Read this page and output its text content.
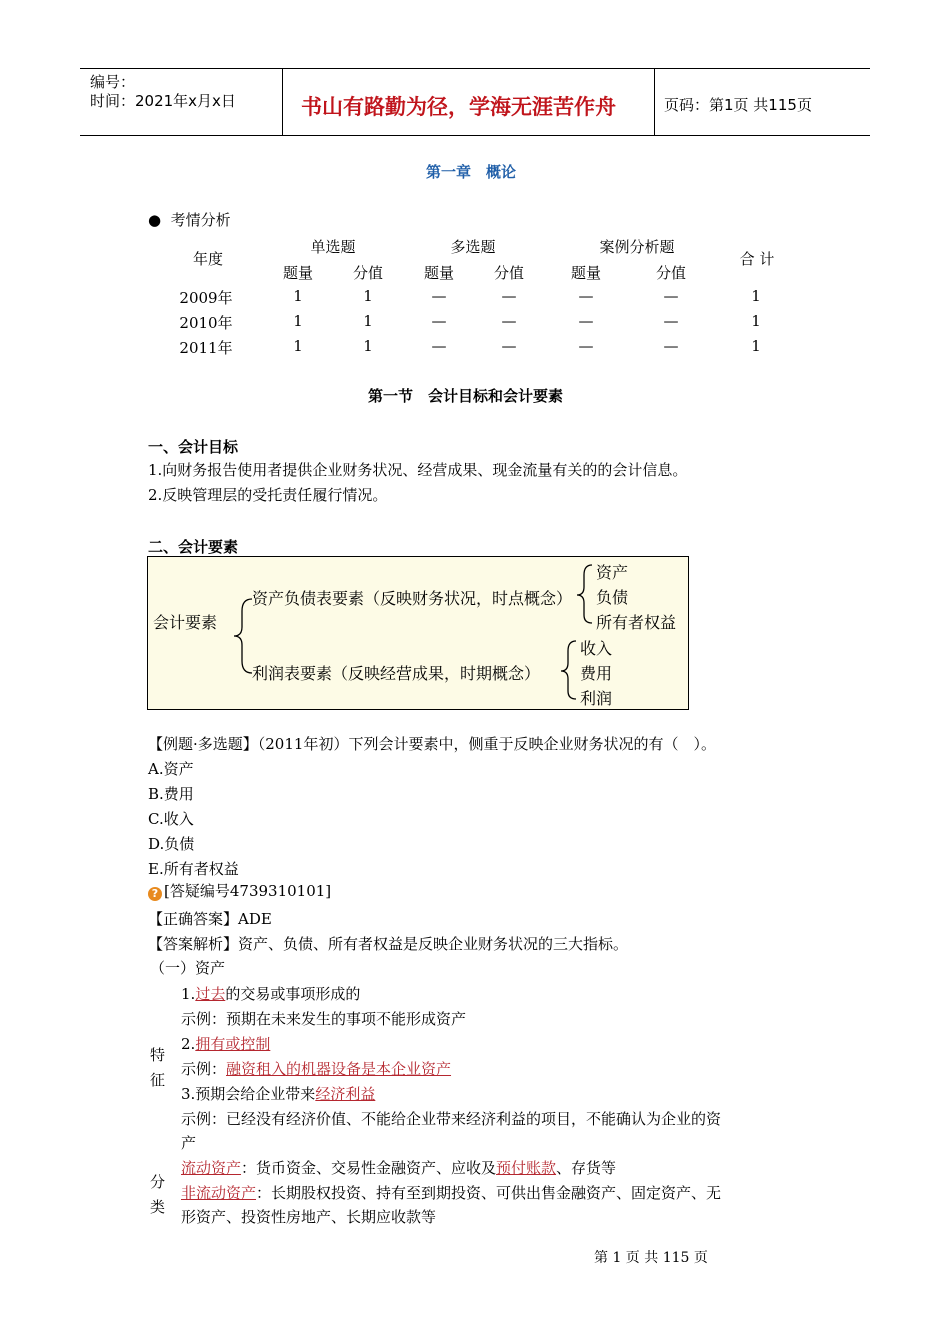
编号：
时间：2021年x月x日	书山有路勤为径，学海无涯苦作舟	页码：第1页 共115页
第一章　概论
● 考情分析
年度
单选题	多选题	案例分析题
合 计
题量	分值	题量	分值	题量	分值
2009年	1	1	—	—	—	—	1
2010年	1	1	—	—	—	—	1
2011年	1	1	—	—	—	—	1
第一节　会计目标和会计要素
一、会计目标
1.向财务报告使用者提供企业财务状况、经营成果、现金流量有关的的会计信息。
2.反映管理层的受托责任履行情况。
二、会计要素
会计要素
资产负债表要素（反映财务状况，时点概念）
资产
负债
所有者权益
利润表要素（反映经营成果，时期概念）
收入
费用
利润
【例题·多选题】（2011年初）下列会计要素中，侧重于反映企业财务状况的有（　）。
A.资产
B.费用
C.收入
D.负债
E.所有者权益
? [答疑编号4739310101]
【正确答案】ADE
【答案解析】资产、负债、所有者权益是反映企业财务状况的三大指标。
（一）资产
特
征
1.过去的交易或事项形成的
示例：预期在未来发生的事项不能形成资产
2.拥有或控制
示例：融资租入的机器设备是本企业资产
3.预期会给企业带来经济利益
示例：已经没有经济价值、不能给企业带来经济利益的项目，不能确认为企业的资
产
分
类
流动资产：货币资金、交易性金融资产、应收及预付账款、存货等
非流动资产：长期股权投资、持有至到期投资、可供出售金融资产、固定资产、无
形资产、投资性房地产、长期应收款等
第 1 页 共 115 页
